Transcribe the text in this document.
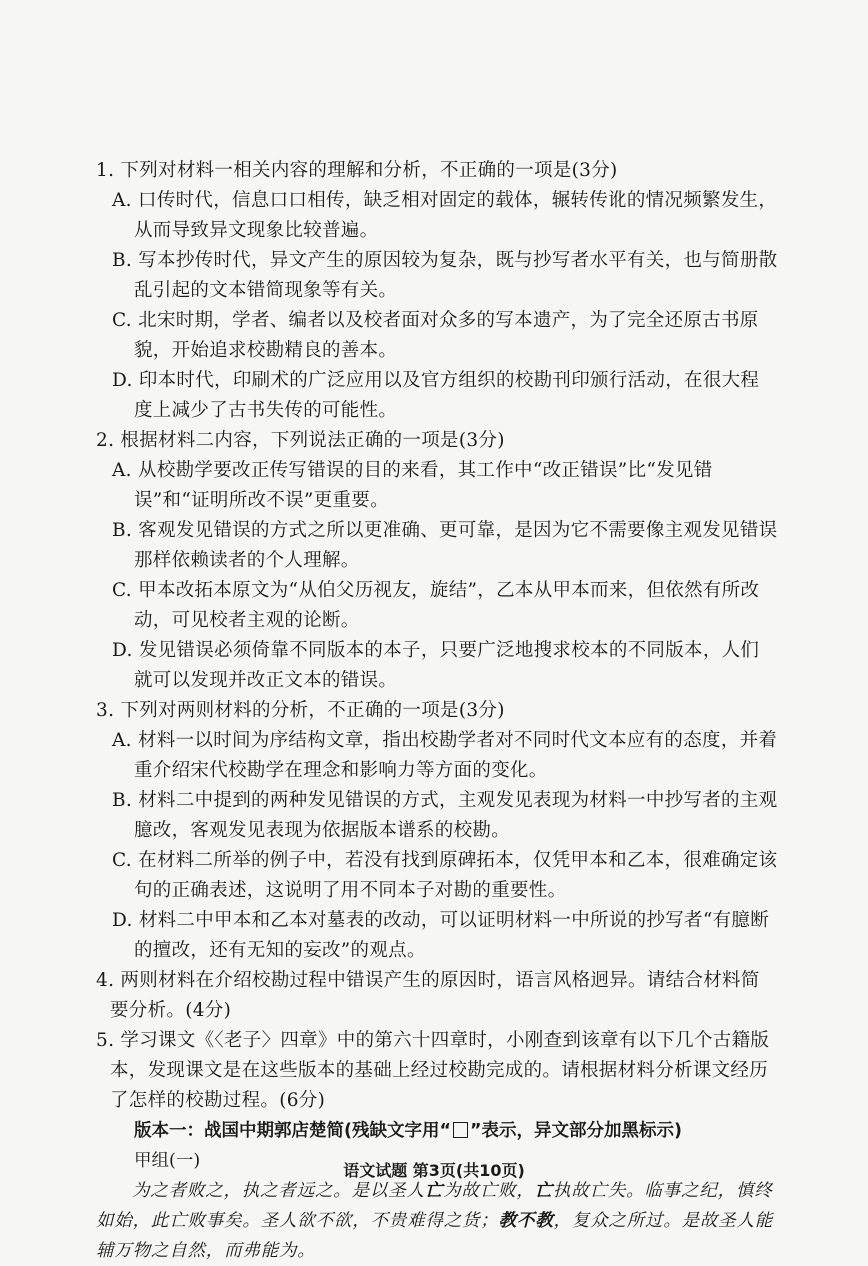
1. 下列对材料一相关内容的理解和分析，不正确的一项是(3分)

A. 口传时代，信息口口相传，缺乏相对固定的载体，辗转传讹的情况频繁发生，从而导致异文现象比较普遍。

B. 写本抄传时代，异文产生的原因较为复杂，既与抄写者水平有关，也与简册散乱引起的文本错简现象等有关。

C. 北宋时期，学者、编者以及校者面对众多的写本遗产，为了完全还原古书原貌，开始追求校勘精良的善本。

D. 印本时代，印刷术的广泛应用以及官方组织的校勘刊印颁行活动，在很大程度上减少了古书失传的可能性。

2. 根据材料二内容，下列说法正确的一项是(3分)

A. 从校勘学要改正传写错误的目的来看，其工作中“改正错误”比“发见错误”和“证明所改不误”更重要。

B. 客观发见错误的方式之所以更准确、更可靠，是因为它不需要像主观发见错误那样依赖读者的个人理解。

C. 甲本改拓本原文为“从伯父历视友，旋结”，乙本从甲本而来，但依然有所改动，可见校者主观的论断。

D. 发见错误必须倚靠不同版本的本子，只要广泛地搜求校本的不同版本，人们就可以发现并改正文本的错误。

3. 下列对两则材料的分析，不正确的一项是(3分)

A. 材料一以时间为序结构文章，指出校勘学者对不同时代文本应有的态度，并着重介绍宋代校勘学在理念和影响力等方面的变化。

B. 材料二中提到的两种发见错误的方式，主观发见表现为材料一中抄写者的主观臆改，客观发见表现为依据版本谱系的校勘。

C. 在材料二所举的例子中，若没有找到原碑拓本，仅凭甲本和乙本，很难确定该句的正确表述，这说明了用不同本子对勘的重要性。

D. 材料二中甲本和乙本对墓表的改动，可以证明材料一中所说的抄写者“有臆断的擅改，还有无知的妄改”的观点。

4. 两则材料在介绍校勘过程中错误产生的原因时，语言风格迥异。请结合材料简要分析。(4分)

5. 学习课文《〈老子〉四章》中的第六十四章时，小刚查到该章有以下几个古籍版本，发现课文是在这些版本的基础上经过校勘完成的。请根据材料分析课文经历了怎样的校勘过程。(6分)

版本一：战国中期郭店楚简(残缺文字用“ ”表示，异文部分加黑标示)

甲组(一)

为之者败之，执之者远之。是以圣人亡为故亡败，亡执故亡失。临事之纪，慎终如始，此亡败事矣。圣人欲不欲，不贵难得之货；教不教，复众之所过。是故圣人能辅万物之自然，而弗能为。

语文试题 第3页(共10页)
